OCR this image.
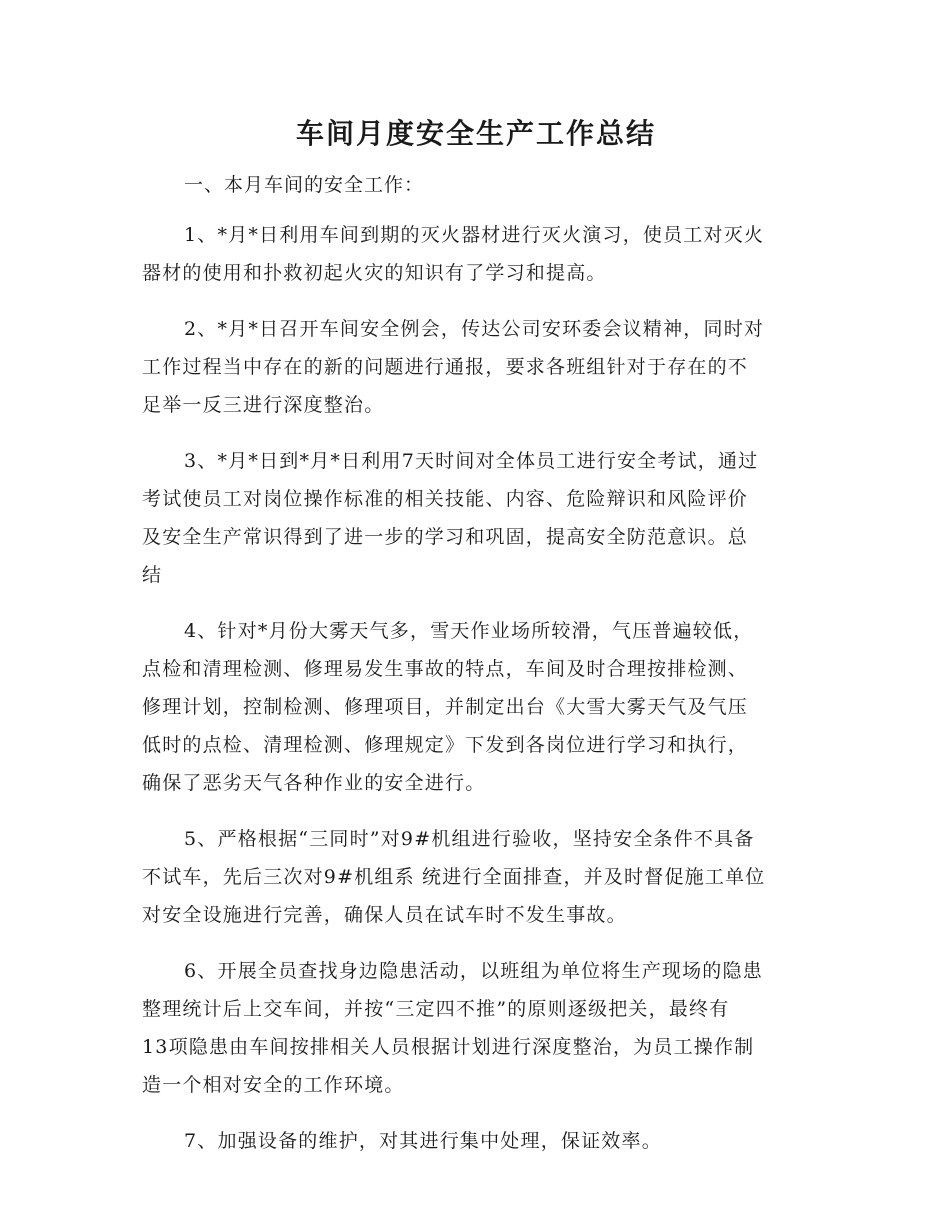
车间月度安全生产工作总结
一、本月车间的安全工作：
1、*月*日利用车间到期的灭火器材进行灭火演习，使员工对灭火
器材的使用和扑救初起火灾的知识有了学习和提高。
2、*月*日召开车间安全例会，传达公司安环委会议精神，同时对
工作过程当中存在的新的问题进行通报，要求各班组针对于存在的不
足举一反三进行深度整治。
3、*月*日到*月*日利用7天时间对全体员工进行安全考试，通过
考试使员工对岗位操作标准的相关技能、内容、危险辩识和风险评价
及安全生产常识得到了进一步的学习和巩固，提高安全防范意识。总
结
4、针对*月份大雾天气多，雪天作业场所较滑，气压普遍较低，
点检和清理检测、修理易发生事故的特点，车间及时合理按排检测、
修理计划，控制检测、修理项目，并制定出台《大雪大雾天气及气压
低时的点检、清理检测、修理规定》下发到各岗位进行学习和执行，
确保了恶劣天气各种作业的安全进行。
5、严格根据“三同时”对9#机组进行验收，坚持安全条件不具备
不试车，先后三次对9#机组系 统进行全面排查，并及时督促施工单位
对安全设施进行完善，确保人员在试车时不发生事故。
6、开展全员查找身边隐患活动，以班组为单位将生产现场的隐患
整理统计后上交车间，并按“三定四不推”的原则逐级把关，最终有
13项隐患由车间按排相关人员根据计划进行深度整治，为员工操作制
造一个相对安全的工作环境。
7、加强设备的维护，对其进行集中处理，保证效率。
